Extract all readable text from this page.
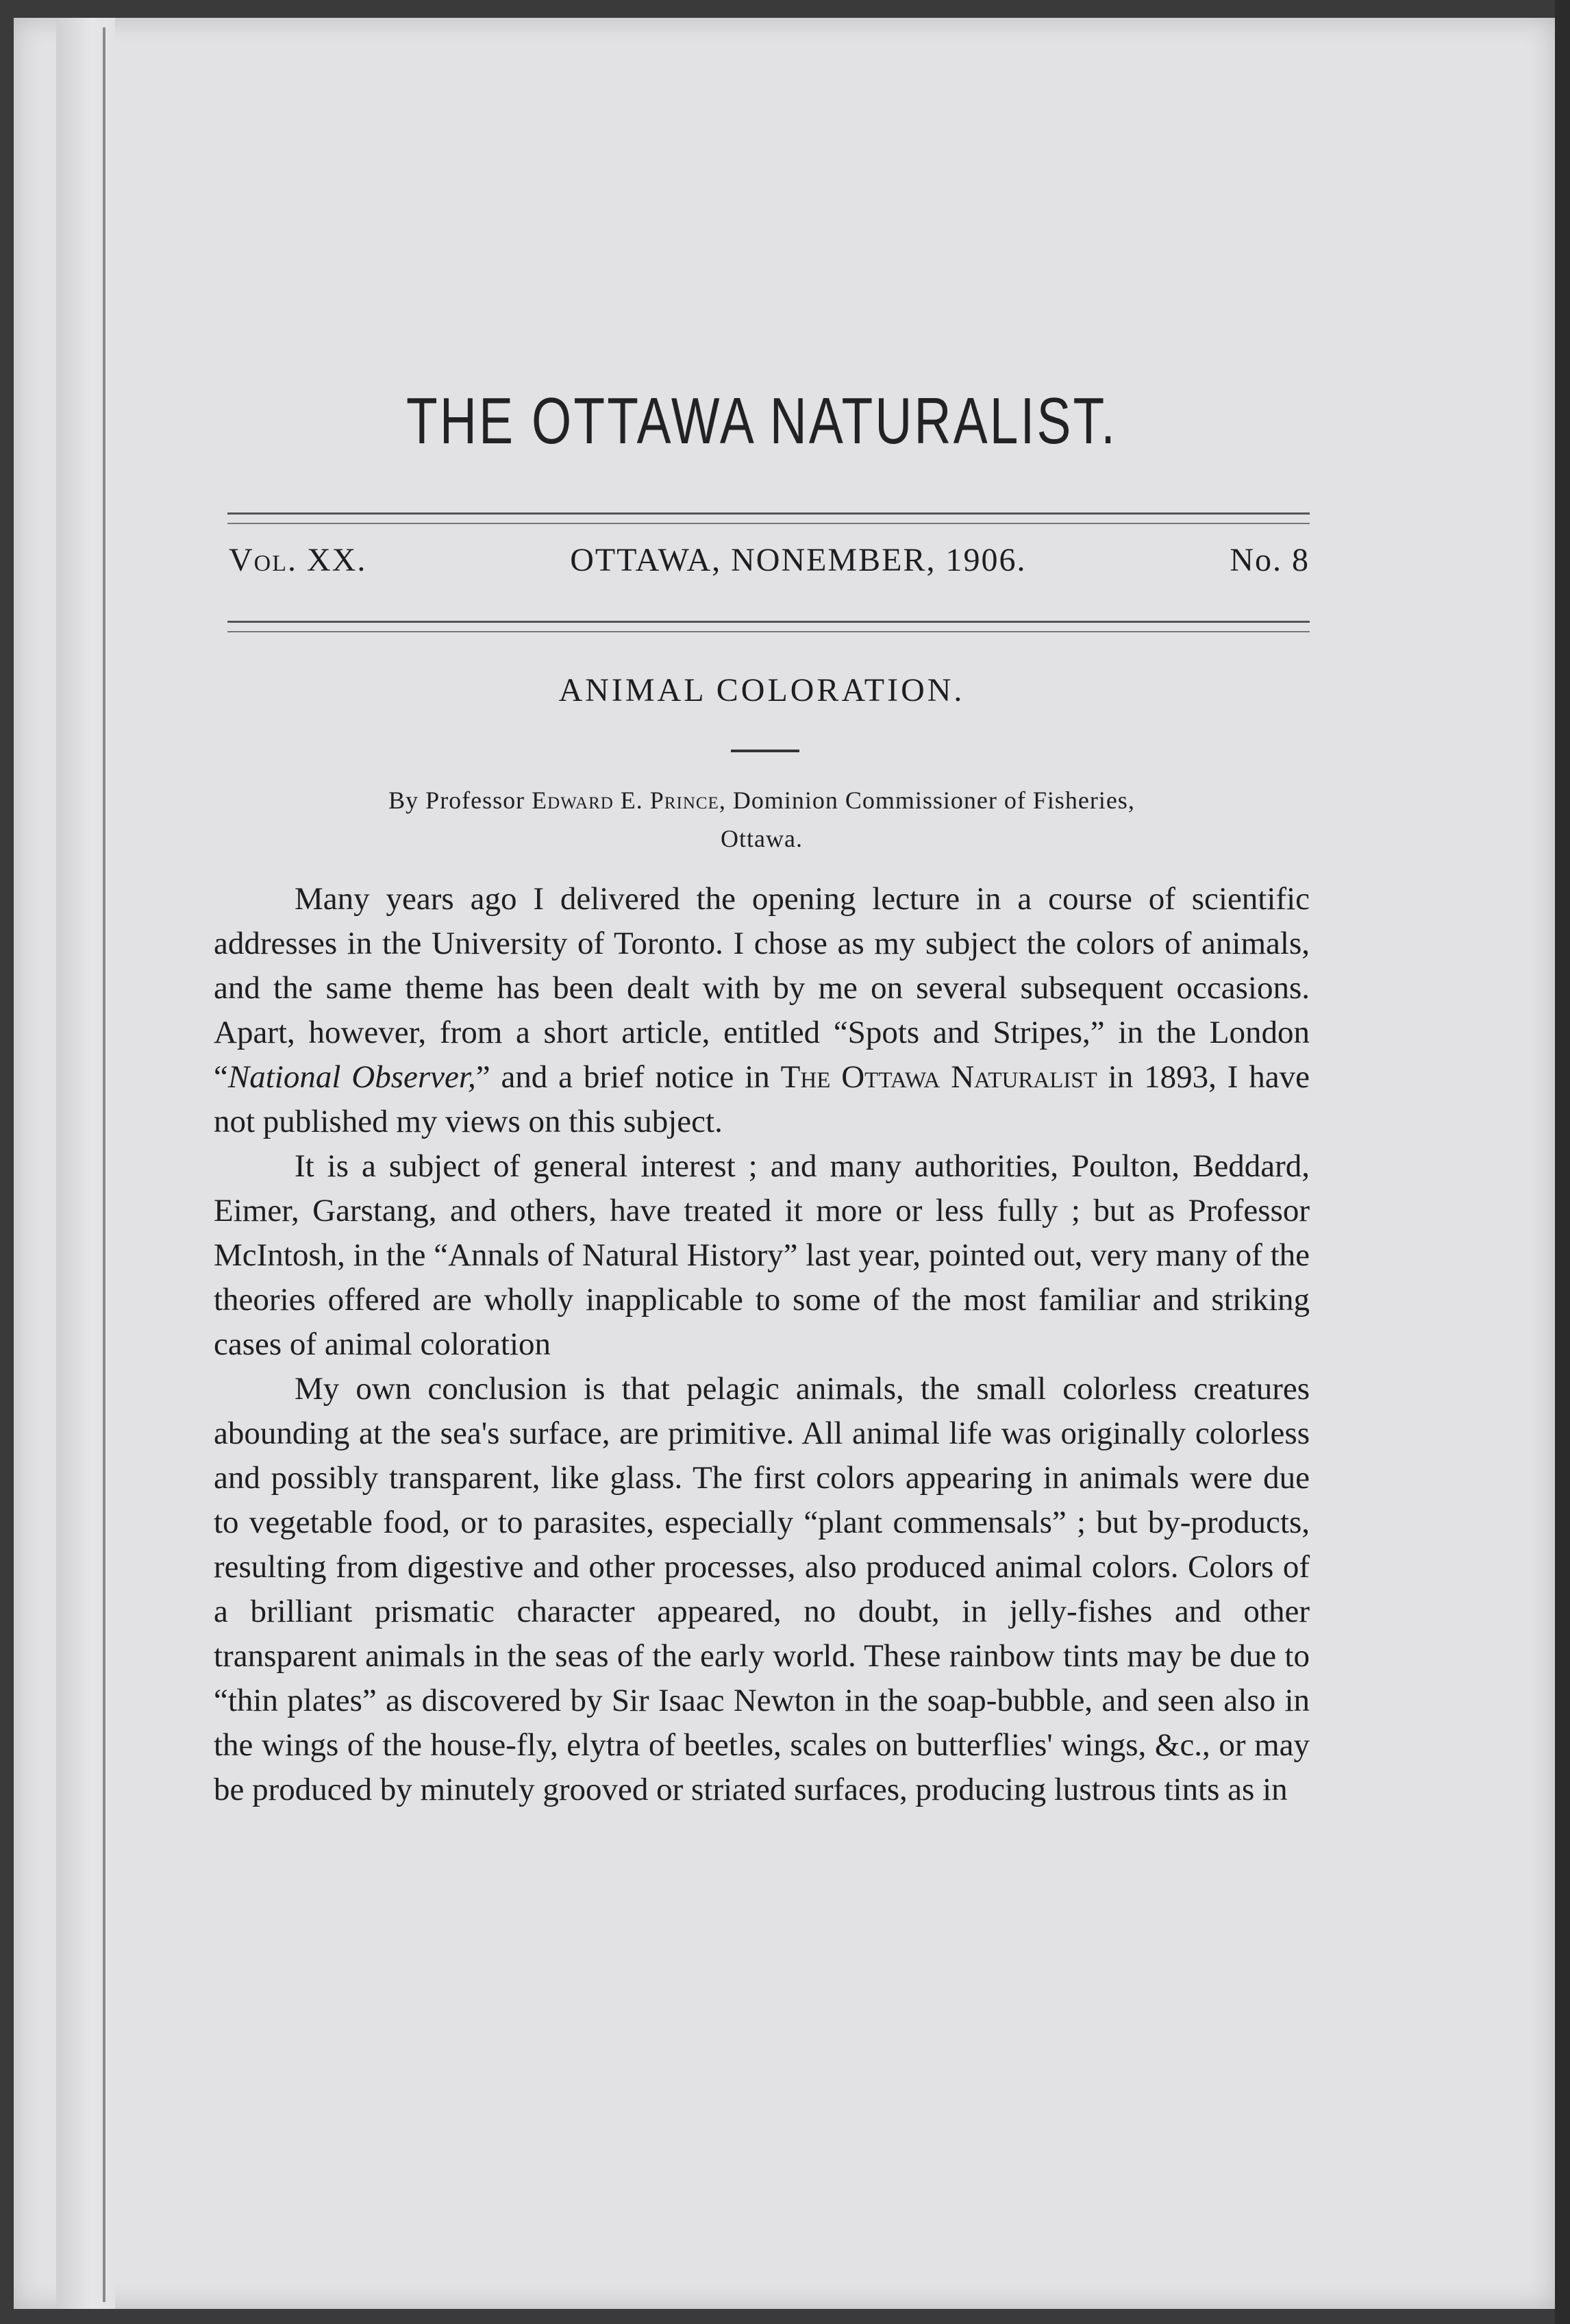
THE OTTAWA NATURALIST.
Vol. XX.	OTTAWA, NONEMBER, 1906.	No. 8
ANIMAL COLORATION.
By Professor Edward E. Prince, Dominion Commissioner of Fisheries,
Ottawa.

Many years ago I delivered the opening lecture in a course of scientific addresses in the University of Toronto. I chose as my subject the colors of animals, and the same theme has been dealt with by me on several subsequent occasions. Apart, however, from a short article, entitled “Spots and Stripes,” in the London “National Observer,” and a brief notice in The Ottawa Naturalist in 1893, I have not published my views on this subject.

It is a subject of general interest ; and many authorities, Poulton, Beddard, Eimer, Garstang, and others, have treated it more or less fully ; but as Professor McIntosh, in the “Annals of Natural History” last year, pointed out, very many of the theories offered are wholly inapplicable to some of the most familiar and striking cases of animal coloration

My own conclusion is that pelagic animals, the small colorless creatures abounding at the sea's surface, are primitive. All animal life was originally colorless and possibly transparent, like glass. The first colors appearing in animals were due to vegetable food, or to parasites, especially “plant commensals” ; but by-products, resulting from digestive and other processes, also produced animal colors. Colors of a brilliant prismatic character appeared, no doubt, in jelly-fishes and other transparent animals in the seas of the early world. These rainbow tints may be due to “thin plates” as discovered by Sir Isaac Newton in the soap-bubble, and seen also in the wings of the house-fly, elytra of beetles, scales on butterflies' wings, &c., or may be produced by minutely grooved or striated surfaces, producing lustrous tints as in
